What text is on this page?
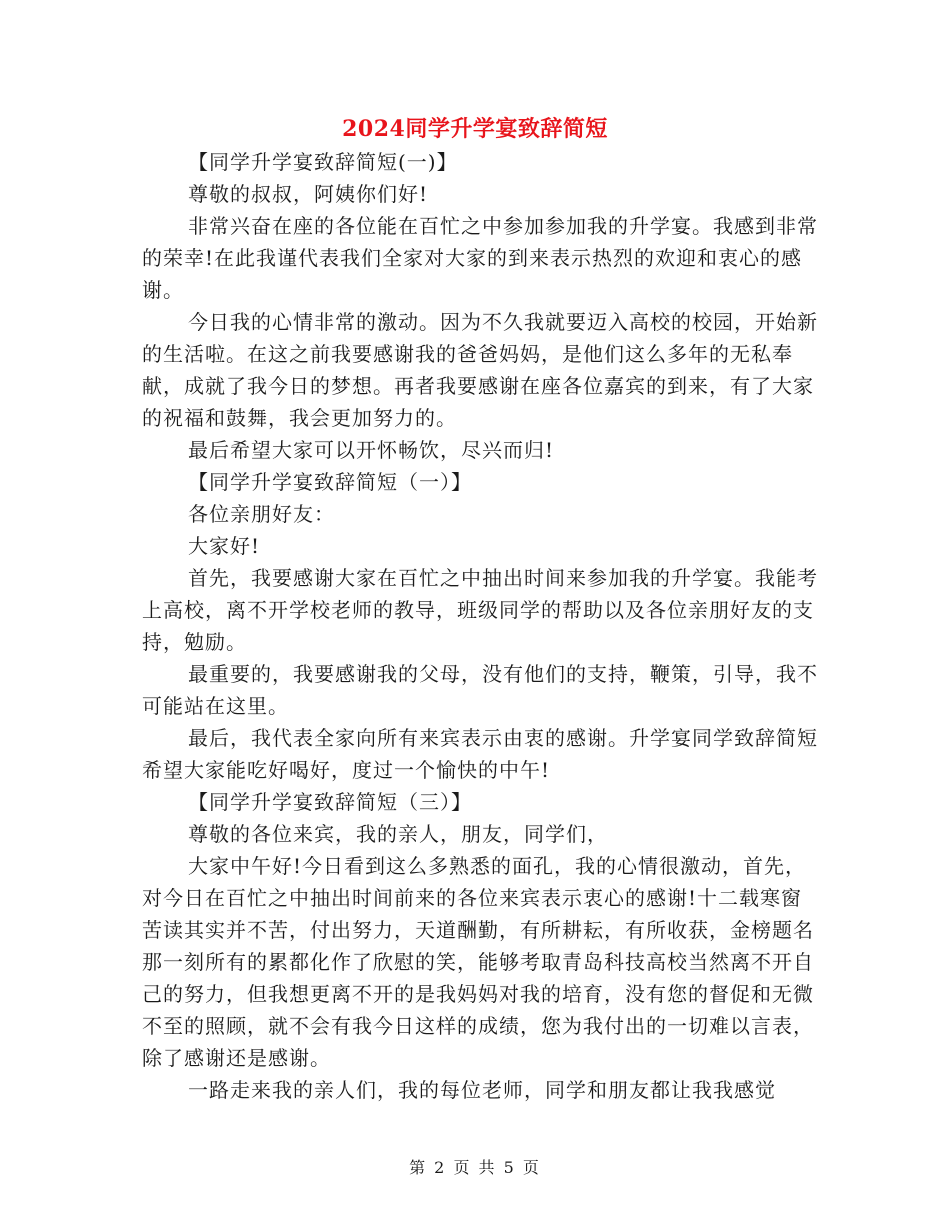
2024同学升学宴致辞简短

【同学升学宴致辞简短(一)】

尊敬的叔叔，阿姨你们好!

非常兴奋在座的各位能在百忙之中参加参加我的升学宴。我感到非常的荣幸!在此我谨代表我们全家对大家的到来表示热烈的欢迎和衷心的感谢。

今日我的心情非常的激动。因为不久我就要迈入高校的校园，开始新的生活啦。在这之前我要感谢我的爸爸妈妈，是他们这么多年的无私奉献，成就了我今日的梦想。再者我要感谢在座各位嘉宾的到来，有了大家的祝福和鼓舞，我会更加努力的。

最后希望大家可以开怀畅饮，尽兴而归!

【同学升学宴致辞简短（一）】

各位亲朋好友：

大家好!

首先，我要感谢大家在百忙之中抽出时间来参加我的升学宴。我能考上高校，离不开学校老师的教导，班级同学的帮助以及各位亲朋好友的支持，勉励。

最重要的，我要感谢我的父母，没有他们的支持，鞭策，引导，我不可能站在这里。

最后，我代表全家向所有来宾表示由衷的感谢。升学宴同学致辞简短希望大家能吃好喝好，度过一个愉快的中午!

【同学升学宴致辞简短（三）】

尊敬的各位来宾，我的亲人，朋友，同学们，

大家中午好!今日看到这么多熟悉的面孔，我的心情很激动，首先，对今日在百忙之中抽出时间前来的各位来宾表示衷心的感谢!十二载寒窗苦读其实并不苦，付出努力，天道酬勤，有所耕耘，有所收获，金榜题名那一刻所有的累都化作了欣慰的笑，能够考取青岛科技高校当然离不开自己的努力，但我想更离不开的是我妈妈对我的培育，没有您的督促和无微不至的照顾，就不会有我今日这样的成绩，您为我付出的一切难以言表，除了感谢还是感谢。

一路走来我的亲人们，我的每位老师，同学和朋友都让我我感觉

第 2 页 共 5 页
